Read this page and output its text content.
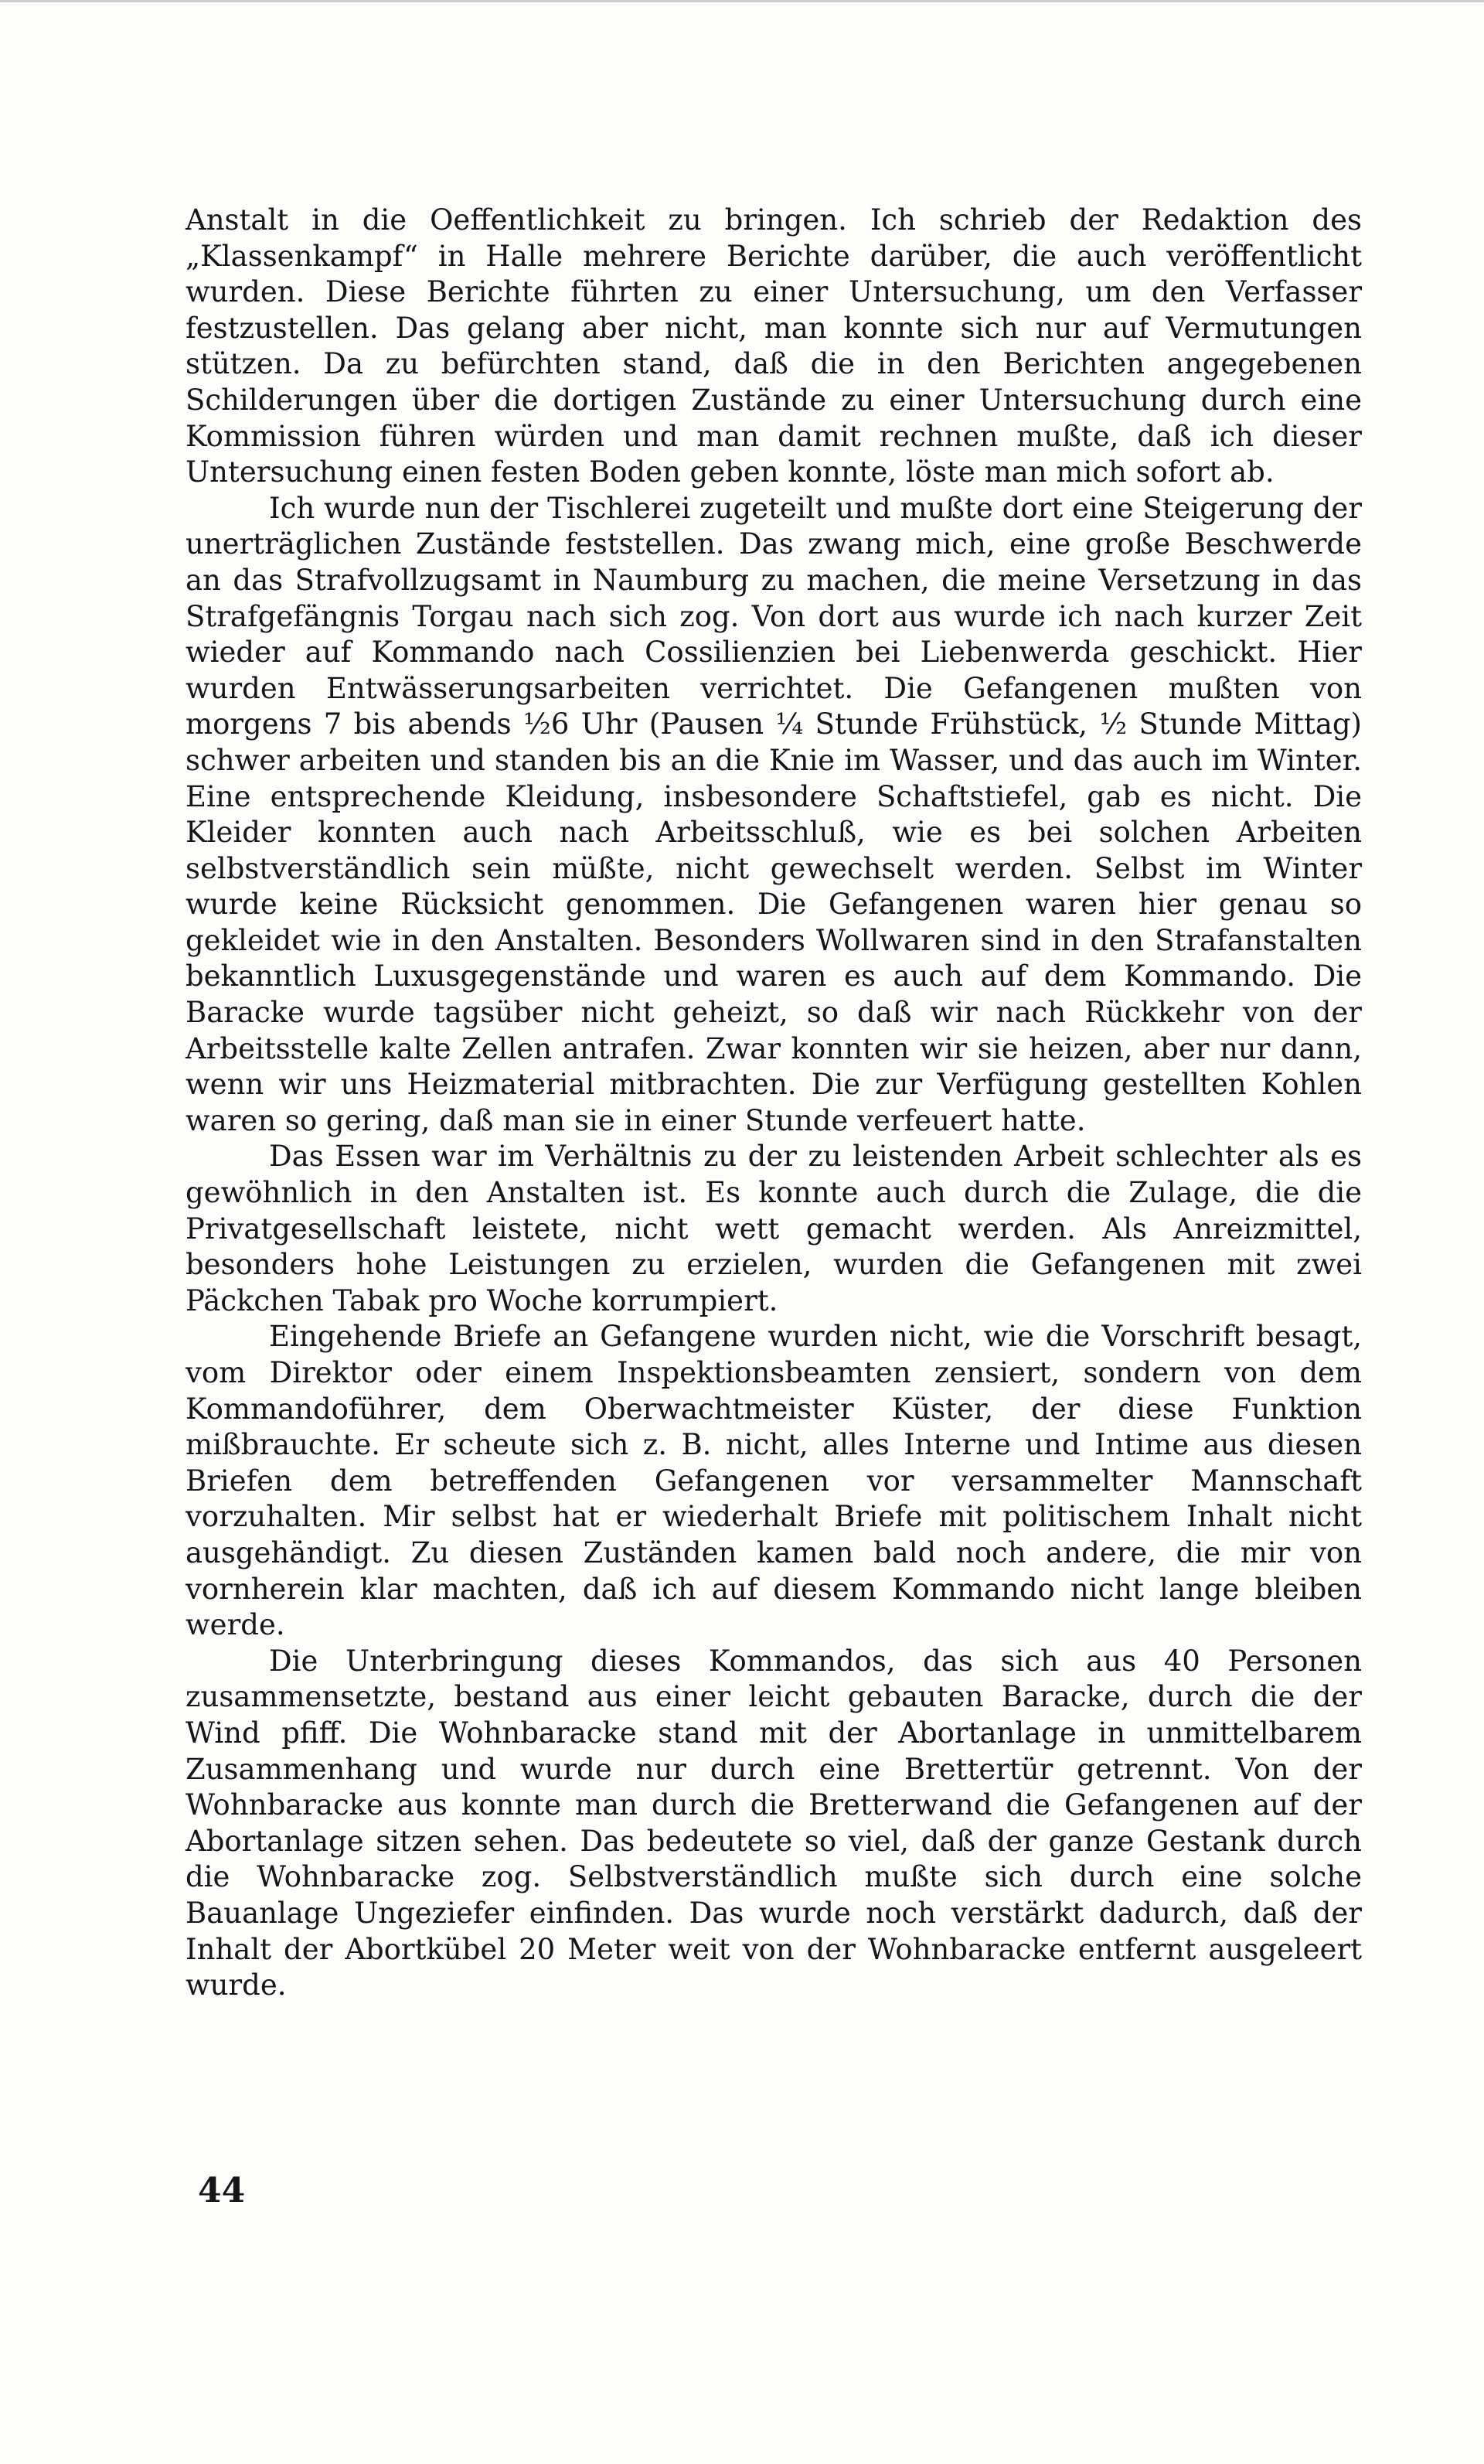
Anstalt in die Oeffentlichkeit zu bringen. Ich schrieb der Redaktion des „Klassenkampf“ in Halle mehrere Berichte darüber, die auch veröffentlicht wurden. Diese Berichte führten zu einer Untersuchung, um den Verfasser festzustellen. Das gelang aber nicht, man konnte sich nur auf Vermutungen stützen. Da zu befürchten stand, daß die in den Berichten angegebenen Schilderungen über die dortigen Zustände zu einer Untersuchung durch eine Kommission führen würden und man damit rechnen mußte, daß ich dieser Untersuchung einen festen Boden geben konnte, löste man mich sofort ab.

Ich wurde nun der Tischlerei zugeteilt und mußte dort eine Steigerung der unerträglichen Zustände feststellen. Das zwang mich, eine große Beschwerde an das Strafvollzugsamt in Naumburg zu machen, die meine Versetzung in das Strafgefängnis Torgau nach sich zog. Von dort aus wurde ich nach kurzer Zeit wieder auf Kommando nach Cossilienzien bei Liebenwerda geschickt. Hier wurden Entwässerungsarbeiten verrichtet. Die Gefangenen mußten von morgens 7 bis abends ½6 Uhr (Pausen ¼ Stunde Frühstück, ½ Stunde Mittag) schwer arbeiten und standen bis an die Knie im Wasser, und das auch im Winter. Eine entsprechende Kleidung, insbesondere Schaftstiefel, gab es nicht. Die Kleider konnten auch nach Arbeitsschluß, wie es bei solchen Arbeiten selbstverständlich sein müßte, nicht gewechselt werden. Selbst im Winter wurde keine Rücksicht genommen. Die Gefangenen waren hier genau so gekleidet wie in den Anstalten. Besonders Wollwaren sind in den Strafanstalten bekanntlich Luxusgegenstände und waren es auch auf dem Kommando. Die Baracke wurde tagsüber nicht geheizt, so daß wir nach Rückkehr von der Arbeitsstelle kalte Zellen antrafen. Zwar konnten wir sie heizen, aber nur dann, wenn wir uns Heizmaterial mitbrachten. Die zur Verfügung gestellten Kohlen waren so gering, daß man sie in einer Stunde verfeuert hatte.

Das Essen war im Verhältnis zu der zu leistenden Arbeit schlechter als es gewöhnlich in den Anstalten ist. Es konnte auch durch die Zulage, die die Privatgesellschaft leistete, nicht wett gemacht werden. Als Anreizmittel, besonders hohe Leistungen zu erzielen, wurden die Gefangenen mit zwei Päckchen Tabak pro Woche korrumpiert.

Eingehende Briefe an Gefangene wurden nicht, wie die Vorschrift besagt, vom Direktor oder einem Inspektionsbeamten zensiert, sondern von dem Kommandoführer, dem Oberwachtmeister Küster, der diese Funktion mißbrauchte. Er scheute sich z. B. nicht, alles Interne und Intime aus diesen Briefen dem betreffenden Gefangenen vor versammelter Mannschaft vorzuhalten. Mir selbst hat er wiederhalt Briefe mit politischem Inhalt nicht ausgehändigt. Zu diesen Zuständen kamen bald noch andere, die mir von vornherein klar machten, daß ich auf diesem Kommando nicht lange bleiben werde.

Die Unterbringung dieses Kommandos, das sich aus 40 Personen zusammensetzte, bestand aus einer leicht gebauten Baracke, durch die der Wind pfiff. Die Wohnbaracke stand mit der Abortanlage in unmittelbarem Zusammenhang und wurde nur durch eine Brettertür getrennt. Von der Wohnbaracke aus konnte man durch die Bretterwand die Gefangenen auf der Abortanlage sitzen sehen. Das bedeutete so viel, daß der ganze Gestank durch die Wohnbaracke zog. Selbstverständlich mußte sich durch eine solche Bauanlage Ungeziefer einfinden. Das wurde noch verstärkt dadurch, daß der Inhalt der Abortkübel 20 Meter weit von der Wohnbaracke entfernt ausgeleert wurde.

44
